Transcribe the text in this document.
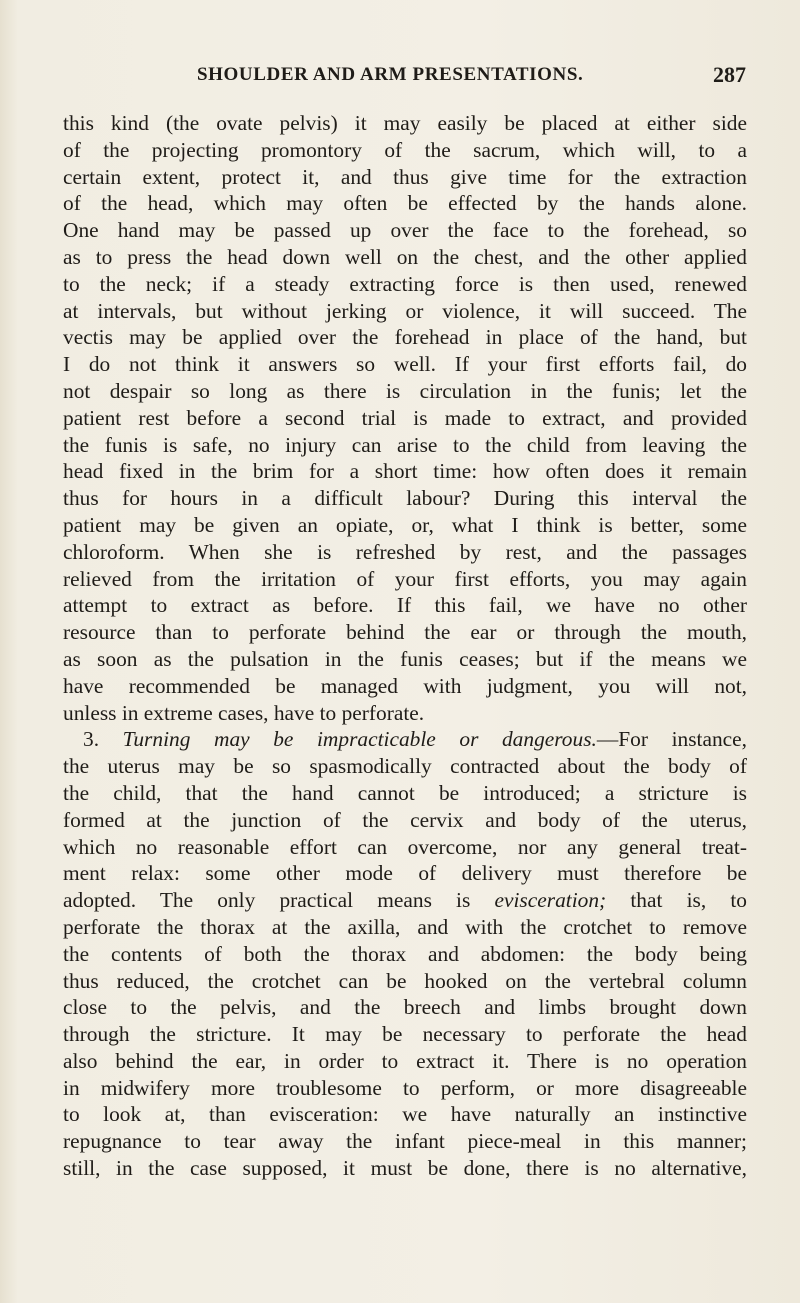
SHOULDER AND ARM PRESENTATIONS.	287
this kind (the ovate pelvis) it may easily be placed at either side
of the projecting promontory of the sacrum, which will, to a
certain extent, protect it, and thus give time for the extraction
of the head, which may often be effected by the hands alone.
One hand may be passed up over the face to the forehead, so
as to press the head down well on the chest, and the other applied
to the neck; if a steady extracting force is then used, renewed
at intervals, but without jerking or violence, it will succeed. The
vectis may be applied over the forehead in place of the hand, but
I do not think it answers so well. If your first efforts fail, do
not despair so long as there is circulation in the funis; let the
patient rest before a second trial is made to extract, and provided
the funis is safe, no injury can arise to the child from leaving the
head fixed in the brim for a short time: how often does it remain
thus for hours in a difficult labour? During this interval the
patient may be given an opiate, or, what I think is better, some
chloroform. When she is refreshed by rest, and the passages
relieved from the irritation of your first efforts, you may again
attempt to extract as before. If this fail, we have no other
resource than to perforate behind the ear or through the mouth,
as soon as the pulsation in the funis ceases; but if the means we
have recommended be managed with judgment, you will not,
unless in extreme cases, have to perforate.
3. Turning may be impracticable or dangerous.—For instance,
the uterus may be so spasmodically contracted about the body of
the child, that the hand cannot be introduced; a stricture is
formed at the junction of the cervix and body of the uterus,
which no reasonable effort can overcome, nor any general treat-
ment relax: some other mode of delivery must therefore be
adopted. The only practical means is evisceration; that is, to
perforate the thorax at the axilla, and with the crotchet to remove
the contents of both the thorax and abdomen: the body being
thus reduced, the crotchet can be hooked on the vertebral column
close to the pelvis, and the breech and limbs brought down
through the stricture. It may be necessary to perforate the head
also behind the ear, in order to extract it. There is no operation
in midwifery more troublesome to perform, or more disagreeable
to look at, than evisceration: we have naturally an instinctive
repugnance to tear away the infant piece-meal in this manner;
still, in the case supposed, it must be done, there is no alternative,
